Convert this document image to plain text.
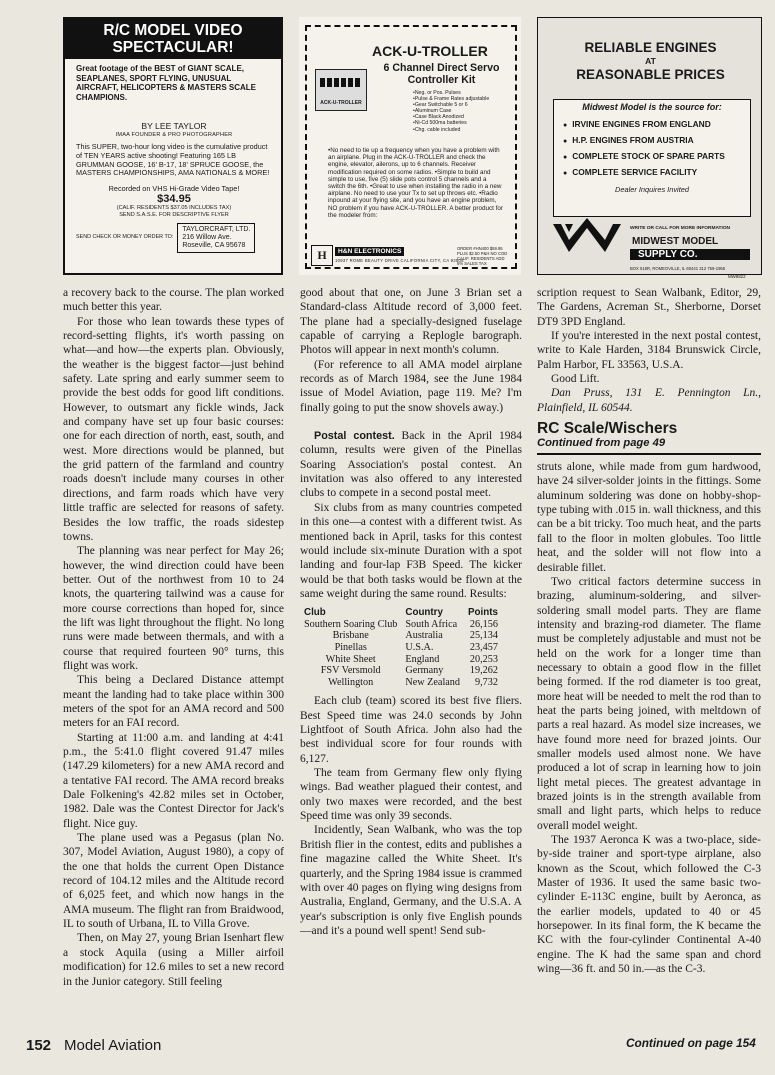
R/C MODEL VIDEO SPECTACULAR!
Great footage of the BEST of GIANT SCALE, SEAPLANES, SPORT FLYING, UNUSUAL AIRCRAFT, HELICOPTERS & MASTERS SCALE CHAMPIONS.
BY LEE TAYLOR
IMAA FOUNDER & PRO PHOTOGRAPHER
This SUPER, two-hour long video is the cumulative product of TEN YEARS active shooting! Featuring 165 LB GRUMMAN GOOSE, 16' B-17, 18' SPRUCE GOOSE, the MASTERS CHAMPIONSHIPS, AMA NATIONALS & MORE!
Recorded on VHS Hi-Grade Video Tape!
$34.95
(CALIF. RESIDENTS $37.05 INCLUDES TAX)
SEND S.A.S.E. FOR DESCRIPTIVE FLYER
SEND CHECK OR MONEY ORDER TO:
TAYLORCRAFT, LTD.
216 Willow Ave.
Roseville, CA 95678
ACK-U-TROLLER
ACK-U-TROLLER
6 Channel Direct Servo Controller Kit
•Neg. or Pos. Pulses
•Pulse & Frame Rates adjustable
•Gear Switchable 5 or 6
•Aluminum Case
•Case Black Anodized
•Ni-Cd 500ma batteries
•Chg. cable included
•No need to tie up a frequency when you have a problem with an airplane. Plug in the ACK-U-TROLLER and check the engine, elevator, ailerons, up to 6 channels. Receiver modification required on some radios. •Simple to build and simple to use, five (5) slide pots control 5 channels and a switch the 6th. •Great to use when installing the radio in a new airplane. No need to use your Tx to set up throws etc. •Radio inpound at your flying site, and you have an engine problem, NO problem if you have ACK-U-TROLLER. A better product for the modeler from:
H	H&N ELECTRONICS
10937 ROME BEAUTY DRIVE CALIFORNIA CITY, CA 93505
ORDER #HN400 $59.95 PLUS $2.50 P&H NO COD CALIF. RESIDENTS ADD 6% SALES TAX
RELIABLE ENGINES
AT
REASONABLE PRICES
Midwest Model is the source for:
● IRVINE ENGINES FROM ENGLAND
● H.P. ENGINES FROM AUSTRIA
● COMPLETE STOCK OF SPARE PARTS
● COMPLETE SERVICE FACILITY
Dealer Inquires Invited
WRITE OR CALL FOR MORE INFORMATION
MIDWEST MODEL
SUPPLY CO.
BOX 518R, ROMEOVILLE, IL 60441 312 759-1955
MW8822

a recovery back to the course. The plan worked much better this year.

For those who lean towards these types of record-setting flights, it's worth passing on what—and how—the experts plan. Obviously, the weather is the biggest factor—just behind safety. Late spring and early summer seem to provide the best odds for good lift conditions. However, to outsmart any fickle winds, Jack and company have set up four basic courses: one for each direction of north, east, south, and west. More directions would be planned, but the grid pattern of the farmland and country roads doesn't include many courses in other directions, and farm roads which have very little traffic are selected for reasons of safety. Besides the low traffic, the roads sidestep towns.

The planning was near perfect for May 26; however, the wind direction could have been better. Out of the northwest from 10 to 24 knots, the quartering tailwind was a cause for more course corrections than hoped for, since the lift was light throughout the flight. No long runs were made between thermals, and with a course that required fourteen 90° turns, this flight was work.

This being a Declared Distance attempt meant the landing had to take place within 300 meters of the spot for an AMA record and 500 meters for an FAI record.

Starting at 11:00 a.m. and landing at 4:41 p.m., the 5:41.0 flight covered 91.47 miles (147.29 kilometers) for a new AMA record and a tentative FAI record. The AMA record breaks Dale Folkening's 42.82 miles set in October, 1982. Dale was the Contest Director for Jack's flight. Nice guy.

The plane used was a Pegasus (plan No. 307, Model Aviation, August 1980), a copy of the one that holds the current Open Distance record of 104.12 miles and the Altitude record of 6,025 feet, and which now hangs in the AMA museum. The flight ran from Braidwood, IL to south of Urbana, IL to Villa Grove.

Then, on May 27, young Brian Isenhart flew a stock Aquila (using a Miller airfoil modification) for 12.6 miles to set a new record in the Junior category. Still feeling

good about that one, on June 3 Brian set a Standard-class Altitude record of 3,000 feet. The plane had a specially-designed fuselage capable of carrying a Replogle barograph. Photos will appear in next month's column.

(For reference to all AMA model airplane records as of March 1984, see the June 1984 issue of Model Aviation, page 119. Me? I'm finally going to put the snow shovels away.)

Postal contest. Back in the April 1984 column, results were given of the Pinellas Soaring Association's postal contest. An invitation was also offered to any interested clubs to compete in a second postal meet.

Six clubs from as many countries competed in this one—a contest with a different twist. As mentioned back in April, tasks for this contest would include six-minute Duration with a spot landing and four-lap F3B Speed. The kicker would be that both tasks would be flown at the same weight during the same round. Results:

Club	Country	Points
Southern Soaring Club	South Africa	26,156
Brisbane	Australia	25,134
Pinellas	U.S.A.	23,457
White Sheet	England	20,253
FSV Versmold	Germany	19,262
Wellington	New Zealand	9,732

Each club (team) scored its best five fliers. Best Speed time was 24.0 seconds by John Lightfoot of South Africa. John also had the best individual score for four rounds with 6,127.

The team from Germany flew only flying wings. Bad weather plagued their contest, and only two maxes were recorded, and the best Speed time was only 39 seconds.

Incidently, Sean Walbank, who was the top British flier in the contest, edits and publishes a fine magazine called the White Sheet. It's quarterly, and the Spring 1984 issue is crammed with over 40 pages on flying wing designs from Australia, England, Germany, and the U.S.A. A year's subscription is only five English pounds—and it's a pound well spent! Send sub-

scription request to Sean Walbank, Editor, 29, The Gardens, Acreman St., Sherborne, Dorset DT9 3PD England.

If you're interested in the next postal contest, write to Kale Harden, 3184 Brunswick Circle, Palm Harbor, FL 33563, U.S.A.

Good Lift.

Dan Pruss, 131 E. Pennington Ln., Plainfield, IL 60544.

RC Scale/Wischers
Continued from page 49

struts alone, while made from gum hardwood, have 24 silver-solder joints in the fittings. Some aluminum soldering was done on hobby-shop-type tubing with .015 in. wall thickness, and this can be a bit tricky. Too much heat, and the parts fall to the floor in molten globules. Too little heat, and the solder will not flow into a desirable fillet.

Two critical factors determine success in brazing, aluminum-soldering, and silver-soldering small model parts. They are flame intensity and brazing-rod diameter. The flame must be completely adjustable and must not be held on the work for a longer time than necessary to obtain a good flow in the fillet being formed. If the rod diameter is too great, more heat will be needed to melt the rod than to heat the parts being joined, with meltdown of parts a real hazard. As model size increases, we have found more need for brazed joints. Our smaller models used almost none. We have produced a lot of scrap in learning how to join light metal pieces. The greatest advantage in brazed joints is in the strength available from small and light parts, which helps to reduce overall model weight.

The 1937 Aeronca K was a two-place, side-by-side trainer and sport-type airplane, also known as the Scout, which followed the C-3 Master of 1936. It used the same basic two-cylinder E-113C engine, built by Aeronca, as the earlier models, updated to 40 or 45 horsepower. In its final form, the K became the KC with the four-cylinder Continental A-40 engine. The K had the same span and chord wing—36 ft. and 50 in.—as the C-3.

152 Model Aviation	Continued on page 154
